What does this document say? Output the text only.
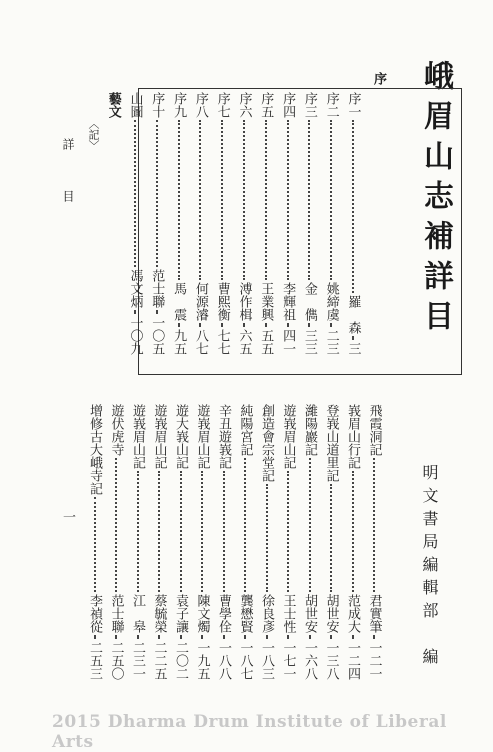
峨眉山志補詳目
明文書局編輯部　編
詳　目
一
〈記〉
序
序一
羅　森
三
序二
姚締虞
二三
序三
金　儁
三三
序四
李輝祖
四一
序五
王業興
五五
序六
溥作楫
六五
序七
曹熙衡
七七
序八
何源濬
八七
序九
馬　震
九五
序十
范士聯
一〇五
山圖
馮文炳
一〇九
藝文
飛霞洞記
君實筆
一二一
峩眉山行記
范成大
一二四
登峩山道里記
胡世安
一三八
濰陽巖記
胡世安
一六八
遊峩眉山記
王士性
一七一
創造會宗堂記
徐良彥
一八三
純陽宮記
龔懋賢
一八七
辛丑遊峩記
曹學佺
一八八
遊峩眉山記
陳文燭
一九五
遊大峩山記
袁子讓
二〇二
遊峩眉山記
蔡毓榮
二二五
遊峩眉山記
江　皋
二三一
遊伏虎寺
范士聯
二五〇
增修古大峨寺記
李禎從
二五三
2015 Dharma Drum Institute of Liberal Arts
